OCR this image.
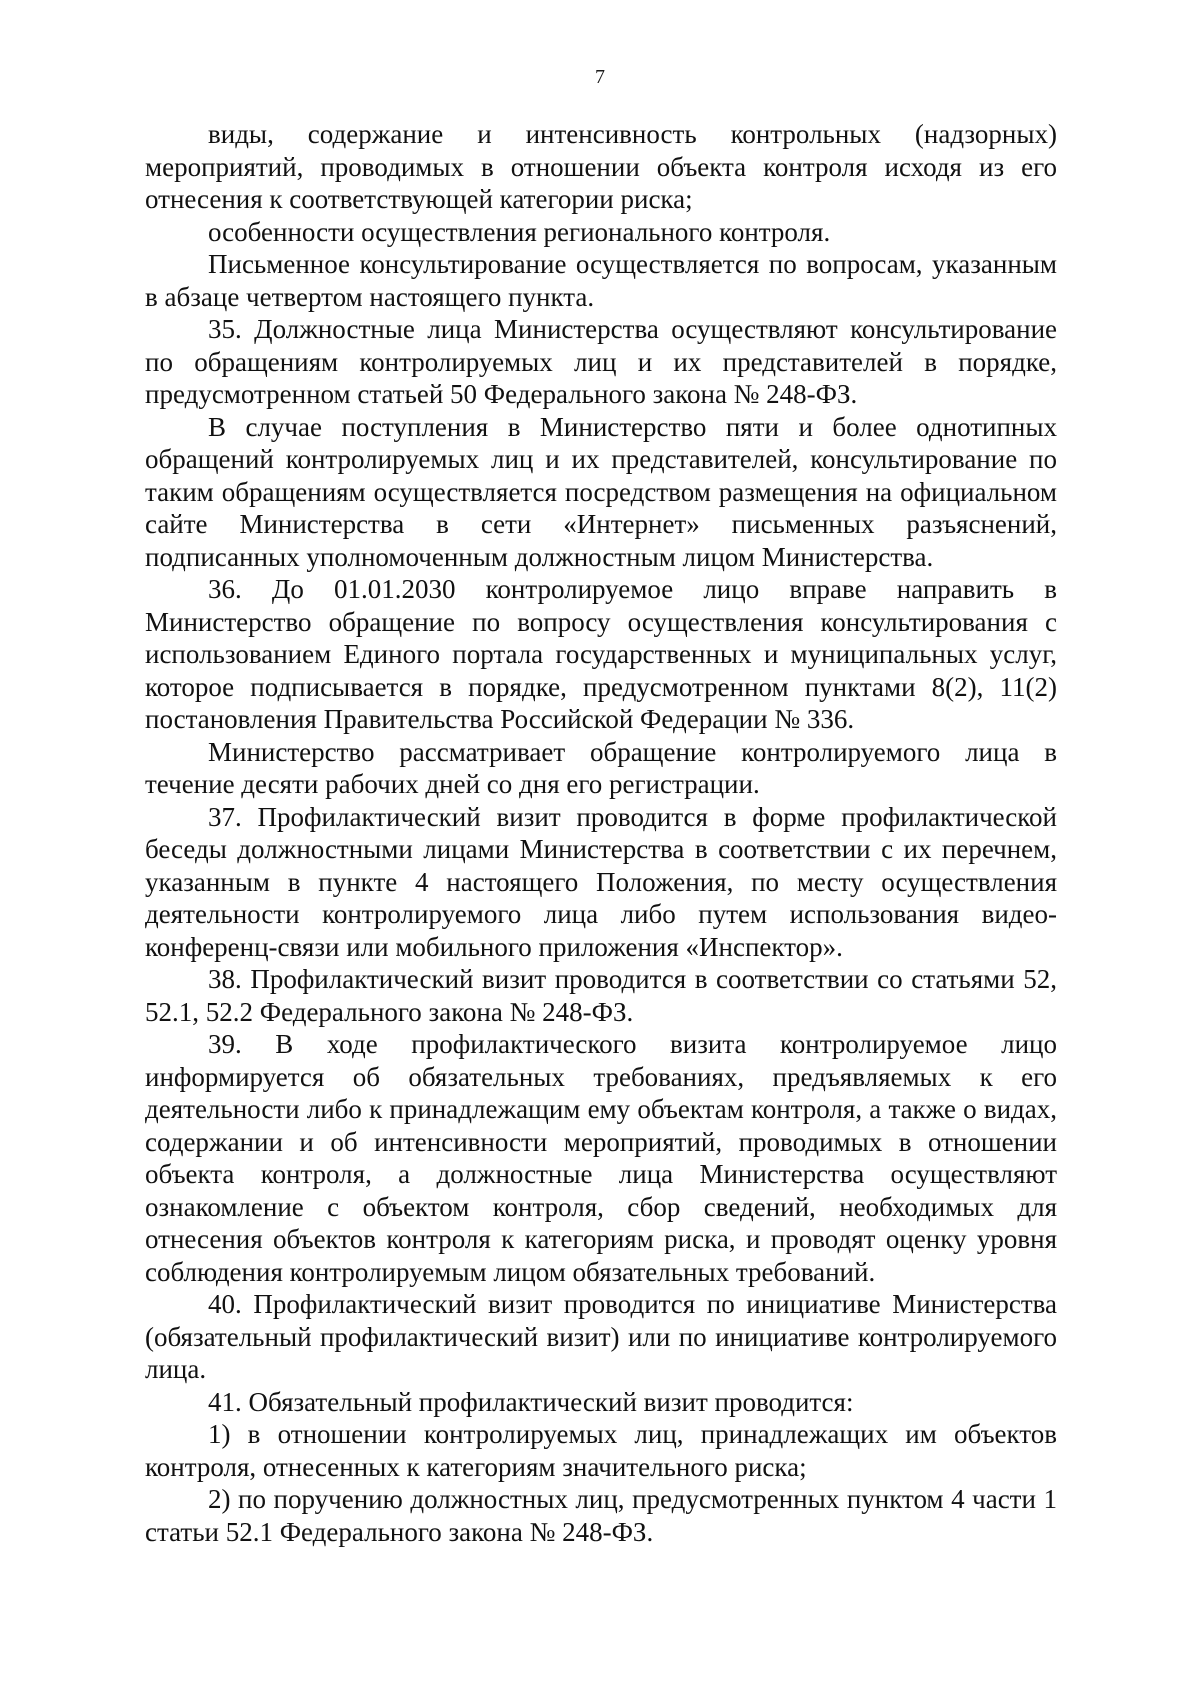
7

виды, содержание и интенсивность контрольных (надзорных) мероприятий, проводимых в отношении объекта контроля исходя из его отнесения к соответствующей категории риска;

особенности осуществления регионального контроля.

Письменное консультирование осуществляется по вопросам, указанным в абзаце четвертом настоящего пункта.

35. Должностные лица Министерства осуществляют консультирование по обращениям контролируемых лиц и их представителей в порядке, предусмотренном статьей 50 Федерального закона № 248-ФЗ.

В случае поступления в Министерство пяти и более однотипных обращений контролируемых лиц и их представителей, консультирование по таким обращениям осуществляется посредством размещения на официальном сайте Министерства в сети «Интернет» письменных разъяснений, подписанных уполномоченным должностным лицом Министерства.

36. До 01.01.2030 контролируемое лицо вправе направить в Министерство обращение по вопросу осуществления консультирования с использованием Единого портала государственных и муниципальных услуг, которое подписывается в порядке, предусмотренном пунктами 8(2), 11(2) постановления Правительства Российской Федерации № 336.

Министерство рассматривает обращение контролируемого лица в течение десяти рабочих дней со дня его регистрации.

37. Профилактический визит проводится в форме профилактической беседы должностными лицами Министерства в соответствии с их перечнем, указанным в пункте 4 настоящего Положения, по месту осуществления деятельности контролируемого лица либо путем использования видео-конференц-связи или мобильного приложения «Инспектор».

38. Профилактический визит проводится в соответствии со статьями 52, 52.1, 52.2 Федерального закона № 248-ФЗ.

39. В ходе профилактического визита контролируемое лицо информируется об обязательных требованиях, предъявляемых к его деятельности либо к принадлежащим ему объектам контроля, а также о видах, содержании и об интенсивности мероприятий, проводимых в отношении объекта контроля, а должностные лица Министерства осуществляют ознакомление с объектом контроля, сбор сведений, необходимых для отнесения объектов контроля к категориям риска, и проводят оценку уровня соблюдения контролируемым лицом обязательных требований.

40. Профилактический визит проводится по инициативе Министерства (обязательный профилактический визит) или по инициативе контролируемого лица.

41. Обязательный профилактический визит проводится:

1) в отношении контролируемых лиц, принадлежащих им объектов контроля, отнесенных к категориям значительного риска;

2) по поручению должностных лиц, предусмотренных пунктом 4 части 1 статьи 52.1 Федерального закона № 248-ФЗ.
